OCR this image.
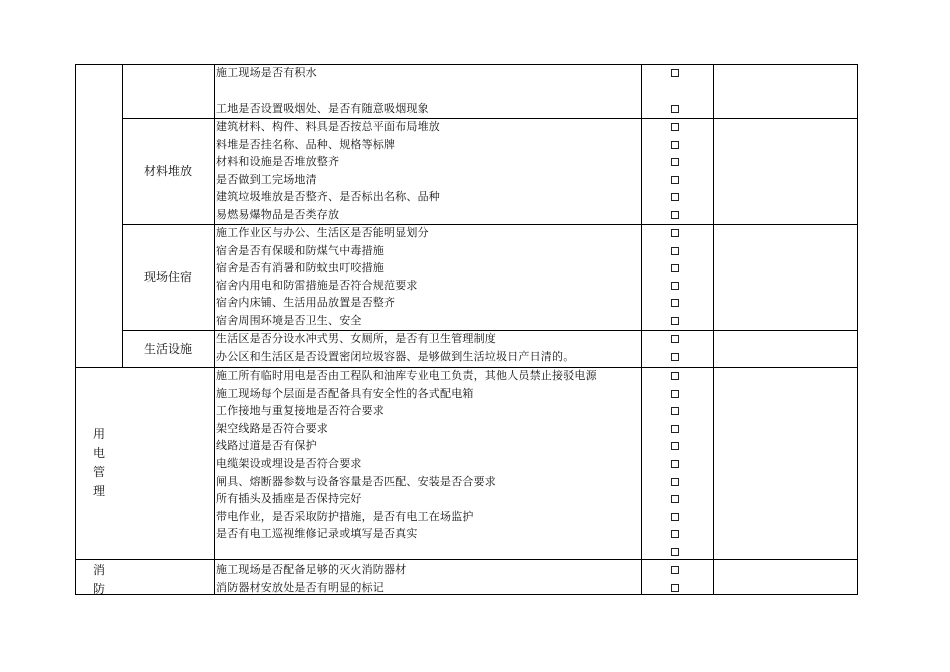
施工现场是否有积水
工地是否设置吸烟处、是否有随意吸烟现象
建筑材料、构件、料具是否按总平面布局堆放
料堆是否挂名称、品种、规格等标牌
材料和设施是否堆放整齐
是否做到工完场地清
建筑垃圾堆放是否整齐、是否标出名称、品种
易燃易爆物品是否类存放
材料堆放
施工作业区与办公、生活区是否能明显划分
宿舍是否有保暖和防煤气中毒措施
宿舍是否有消暑和防蚊虫叮咬措施
宿舍内用电和防雷措施是否符合规范要求
宿舍内床铺、生活用品放置是否整齐
宿舍周围环境是否卫生、安全
现场住宿
生活区是否分设水冲式男、女厕所，是否有卫生管理制度
办公区和生活区是否设置密闭垃圾容器、是够做到生活垃圾日产日清的。
生活设施
施工所有临时用电是否由工程队和油库专业电工负责，其他人员禁止接驳电源
施工现场每个层面是否配备具有安全性的各式配电箱
工作接地与重复接地是否符合要求
架空线路是否符合要求
线路过道是否有保护
电缆架设或埋设是否符合要求
闸具、熔断器参数与设备容量是否匹配、安装是否合要求
所有插头及插座是否保持完好
带电作业，是否采取防护措施，是否有电工在场监护
是否有电工巡视维修记录或填写是否真实
用电管理
施工现场是否配备足够的灭火消防器材
消防器材安放处是否有明显的标记
消防
